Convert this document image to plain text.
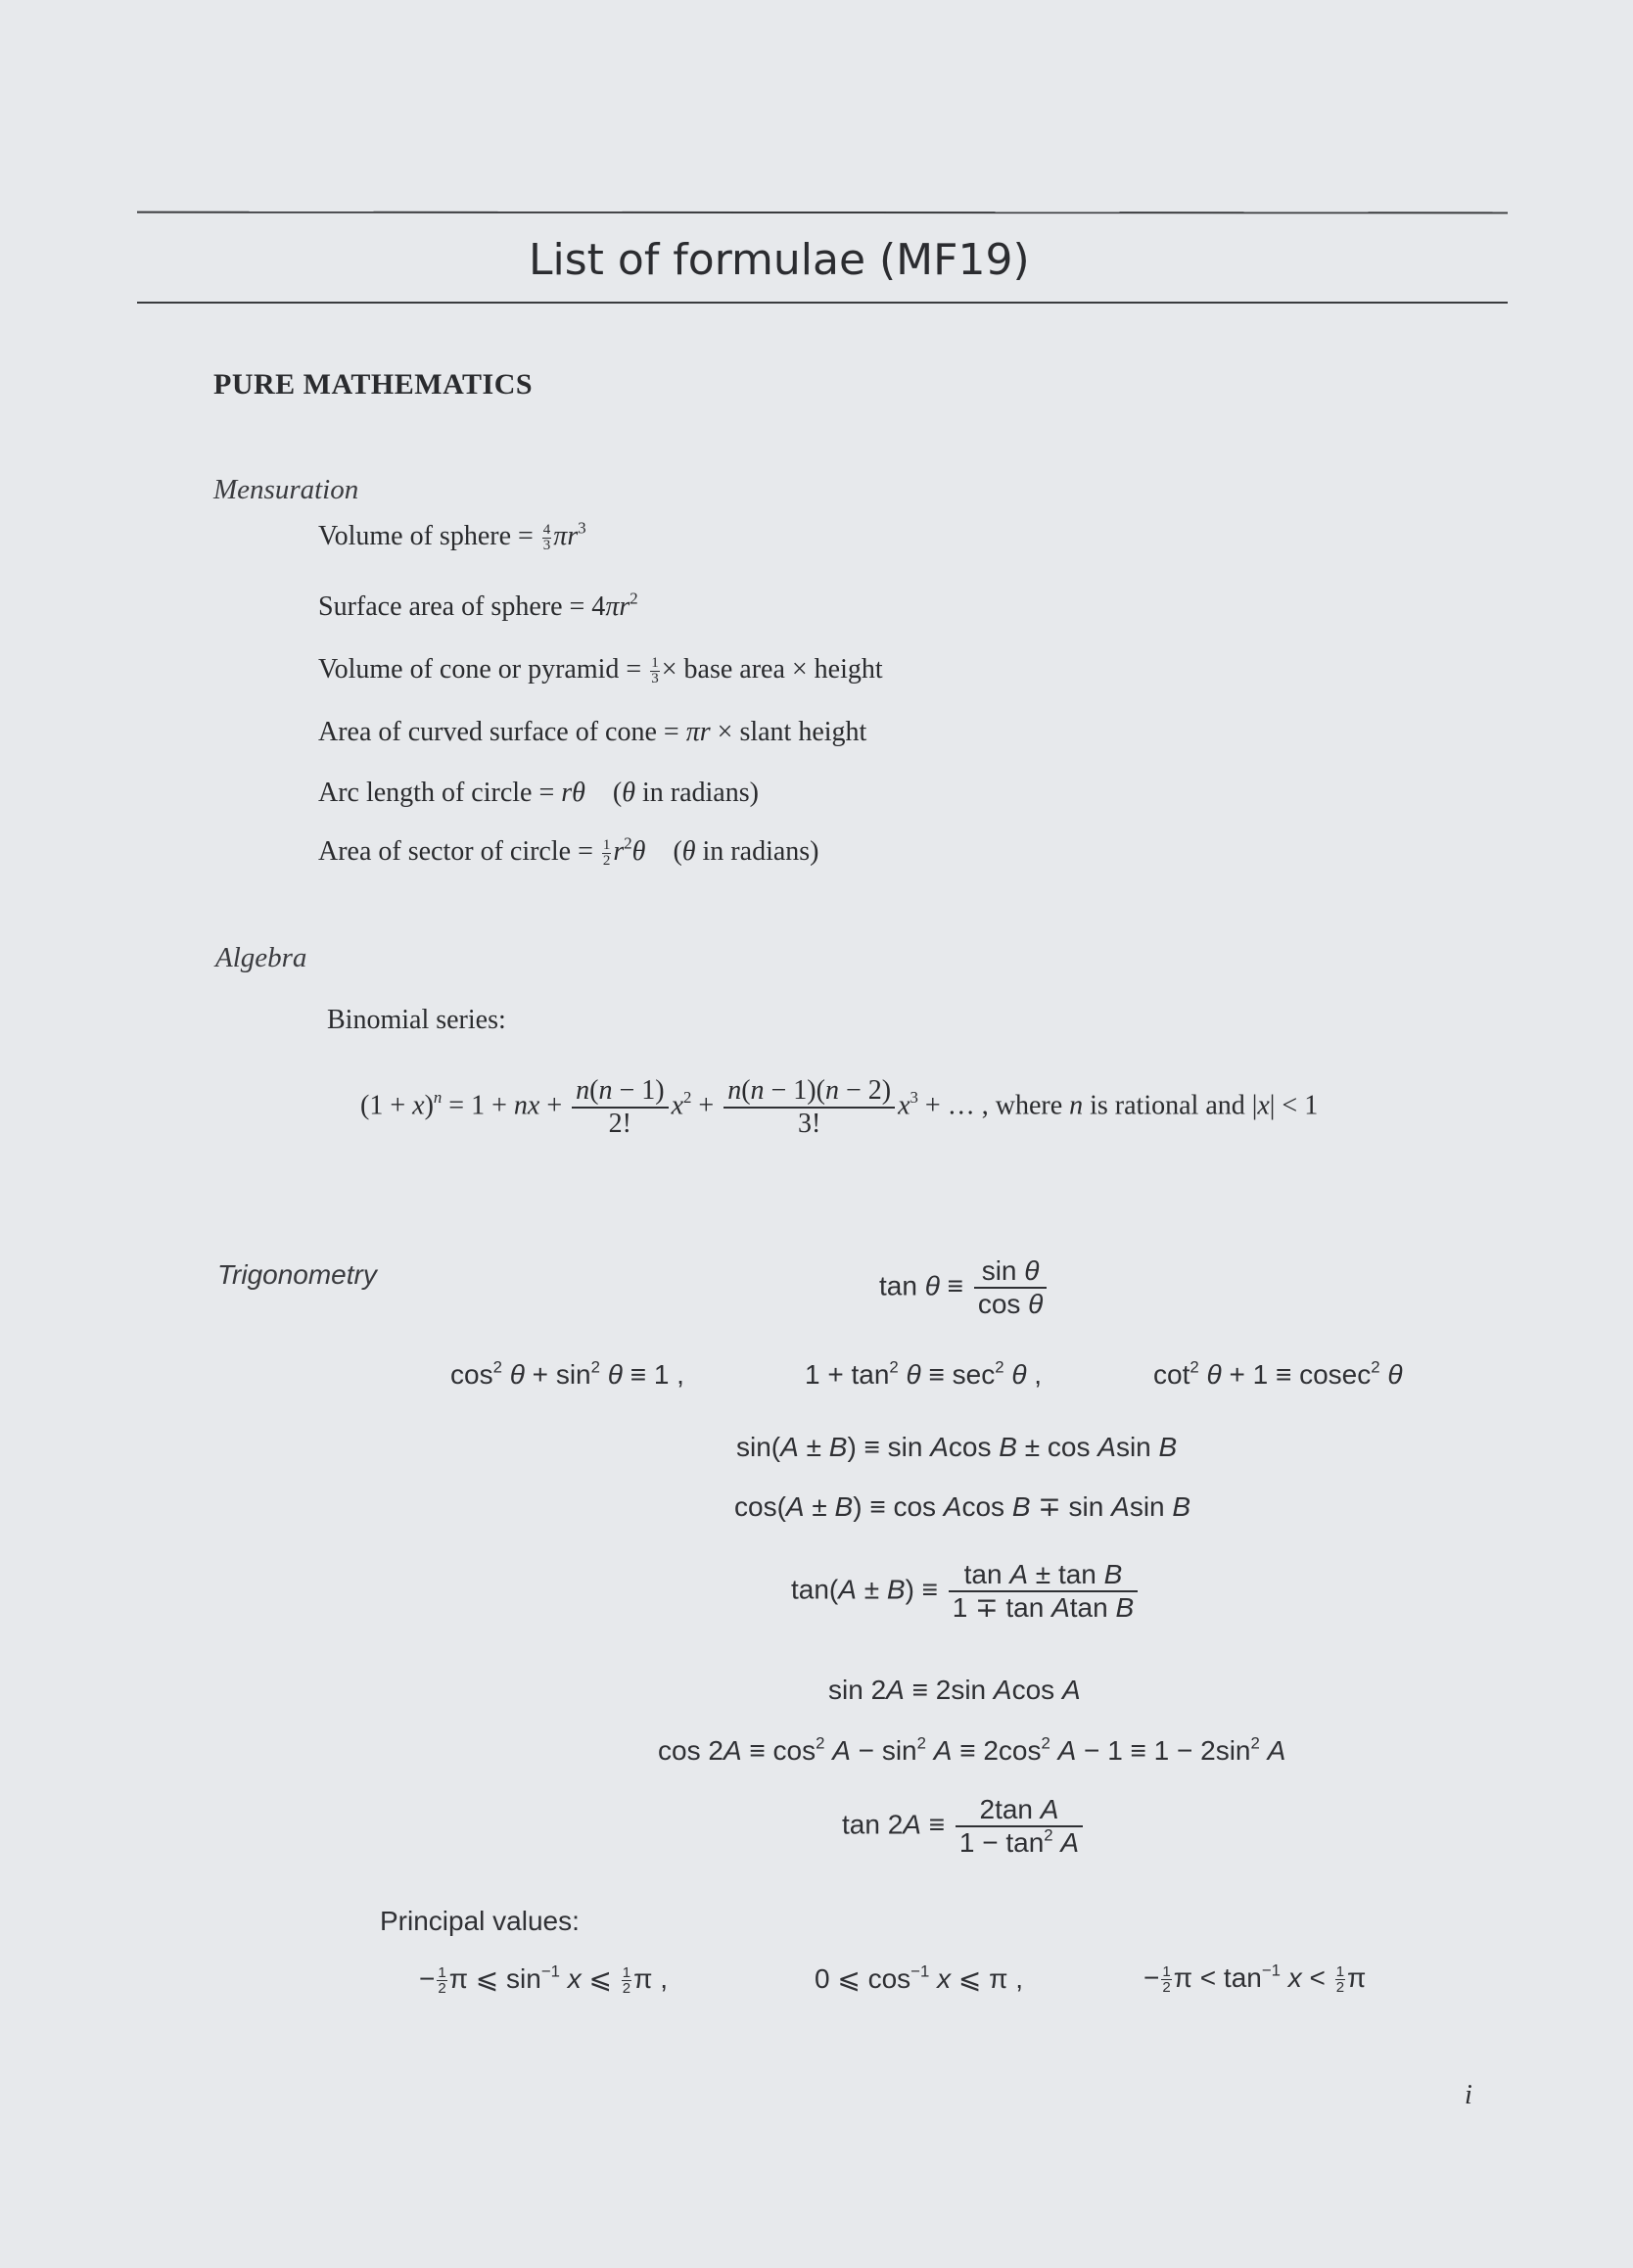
List of formulae (MF19)
PURE MATHEMATICS
Mensuration
Volume of sphere = $\frac{4}{3} \pi r^3$
Surface area of sphere = $4\pi r^2$
Volume of cone or pyramid = $\frac{1}{3}$ × base area × height
Area of curved surface of cone = πr × slant height
Arc length of circle = rθ    (θ in radians)
Area of sector of circle = $\frac{1}{2} r^2\theta$    (θ in radians)
Algebra
Binomial series:
$(1 + x)^n = 1$ + nx + $\frac{n(n - 1)}{2!} x^2 + \frac{n(n - 1)(n - 2)}{3!} x^3$ + … , where n is rational and |x| < 1
Trigonometry	$\tan \theta \equiv \frac{\text{sin θ}}{\text{cos θ}}$
$\cos^2 \theta + \sin^2 \theta \equiv 1$ ,	$1 + \tan^2 \theta \equiv \sec^2 \theta$ ,	$\cot^2 \theta + 1 \equiv cosec^2$ θ
sin(A ± B) ≡ sin Acos B ± cos Asin B
cos(A ± B) ≡ cos Acos B ∓ sin Asin B
$\tan(A \pm B) \equiv \frac{\text{tan A ± tan B}}{\text{1 ∓ tan Atan B}}$
sin 2A ≡ 2sin Acos A
$\cos 2A \equiv \cos^2 A - \sin^2 A \equiv 2\cos^2$ $A - 1 \equiv 1 - 2\sin^2$ A
$\tan 2A \equiv \frac{\text{2tan A}}{1 - \tan^2 A}$
Principal values:
− $\frac{1}{2}$ π ⩽ $\sin^{-1} x$ ⩽ $\frac{1}{2}$ π ,	0 ⩽ $\cos^{-1} x$ ⩽ π ,	− $\frac{1}{2}$ $\pi < \tan^{-1} x < \frac{1}{2}$ π
i
